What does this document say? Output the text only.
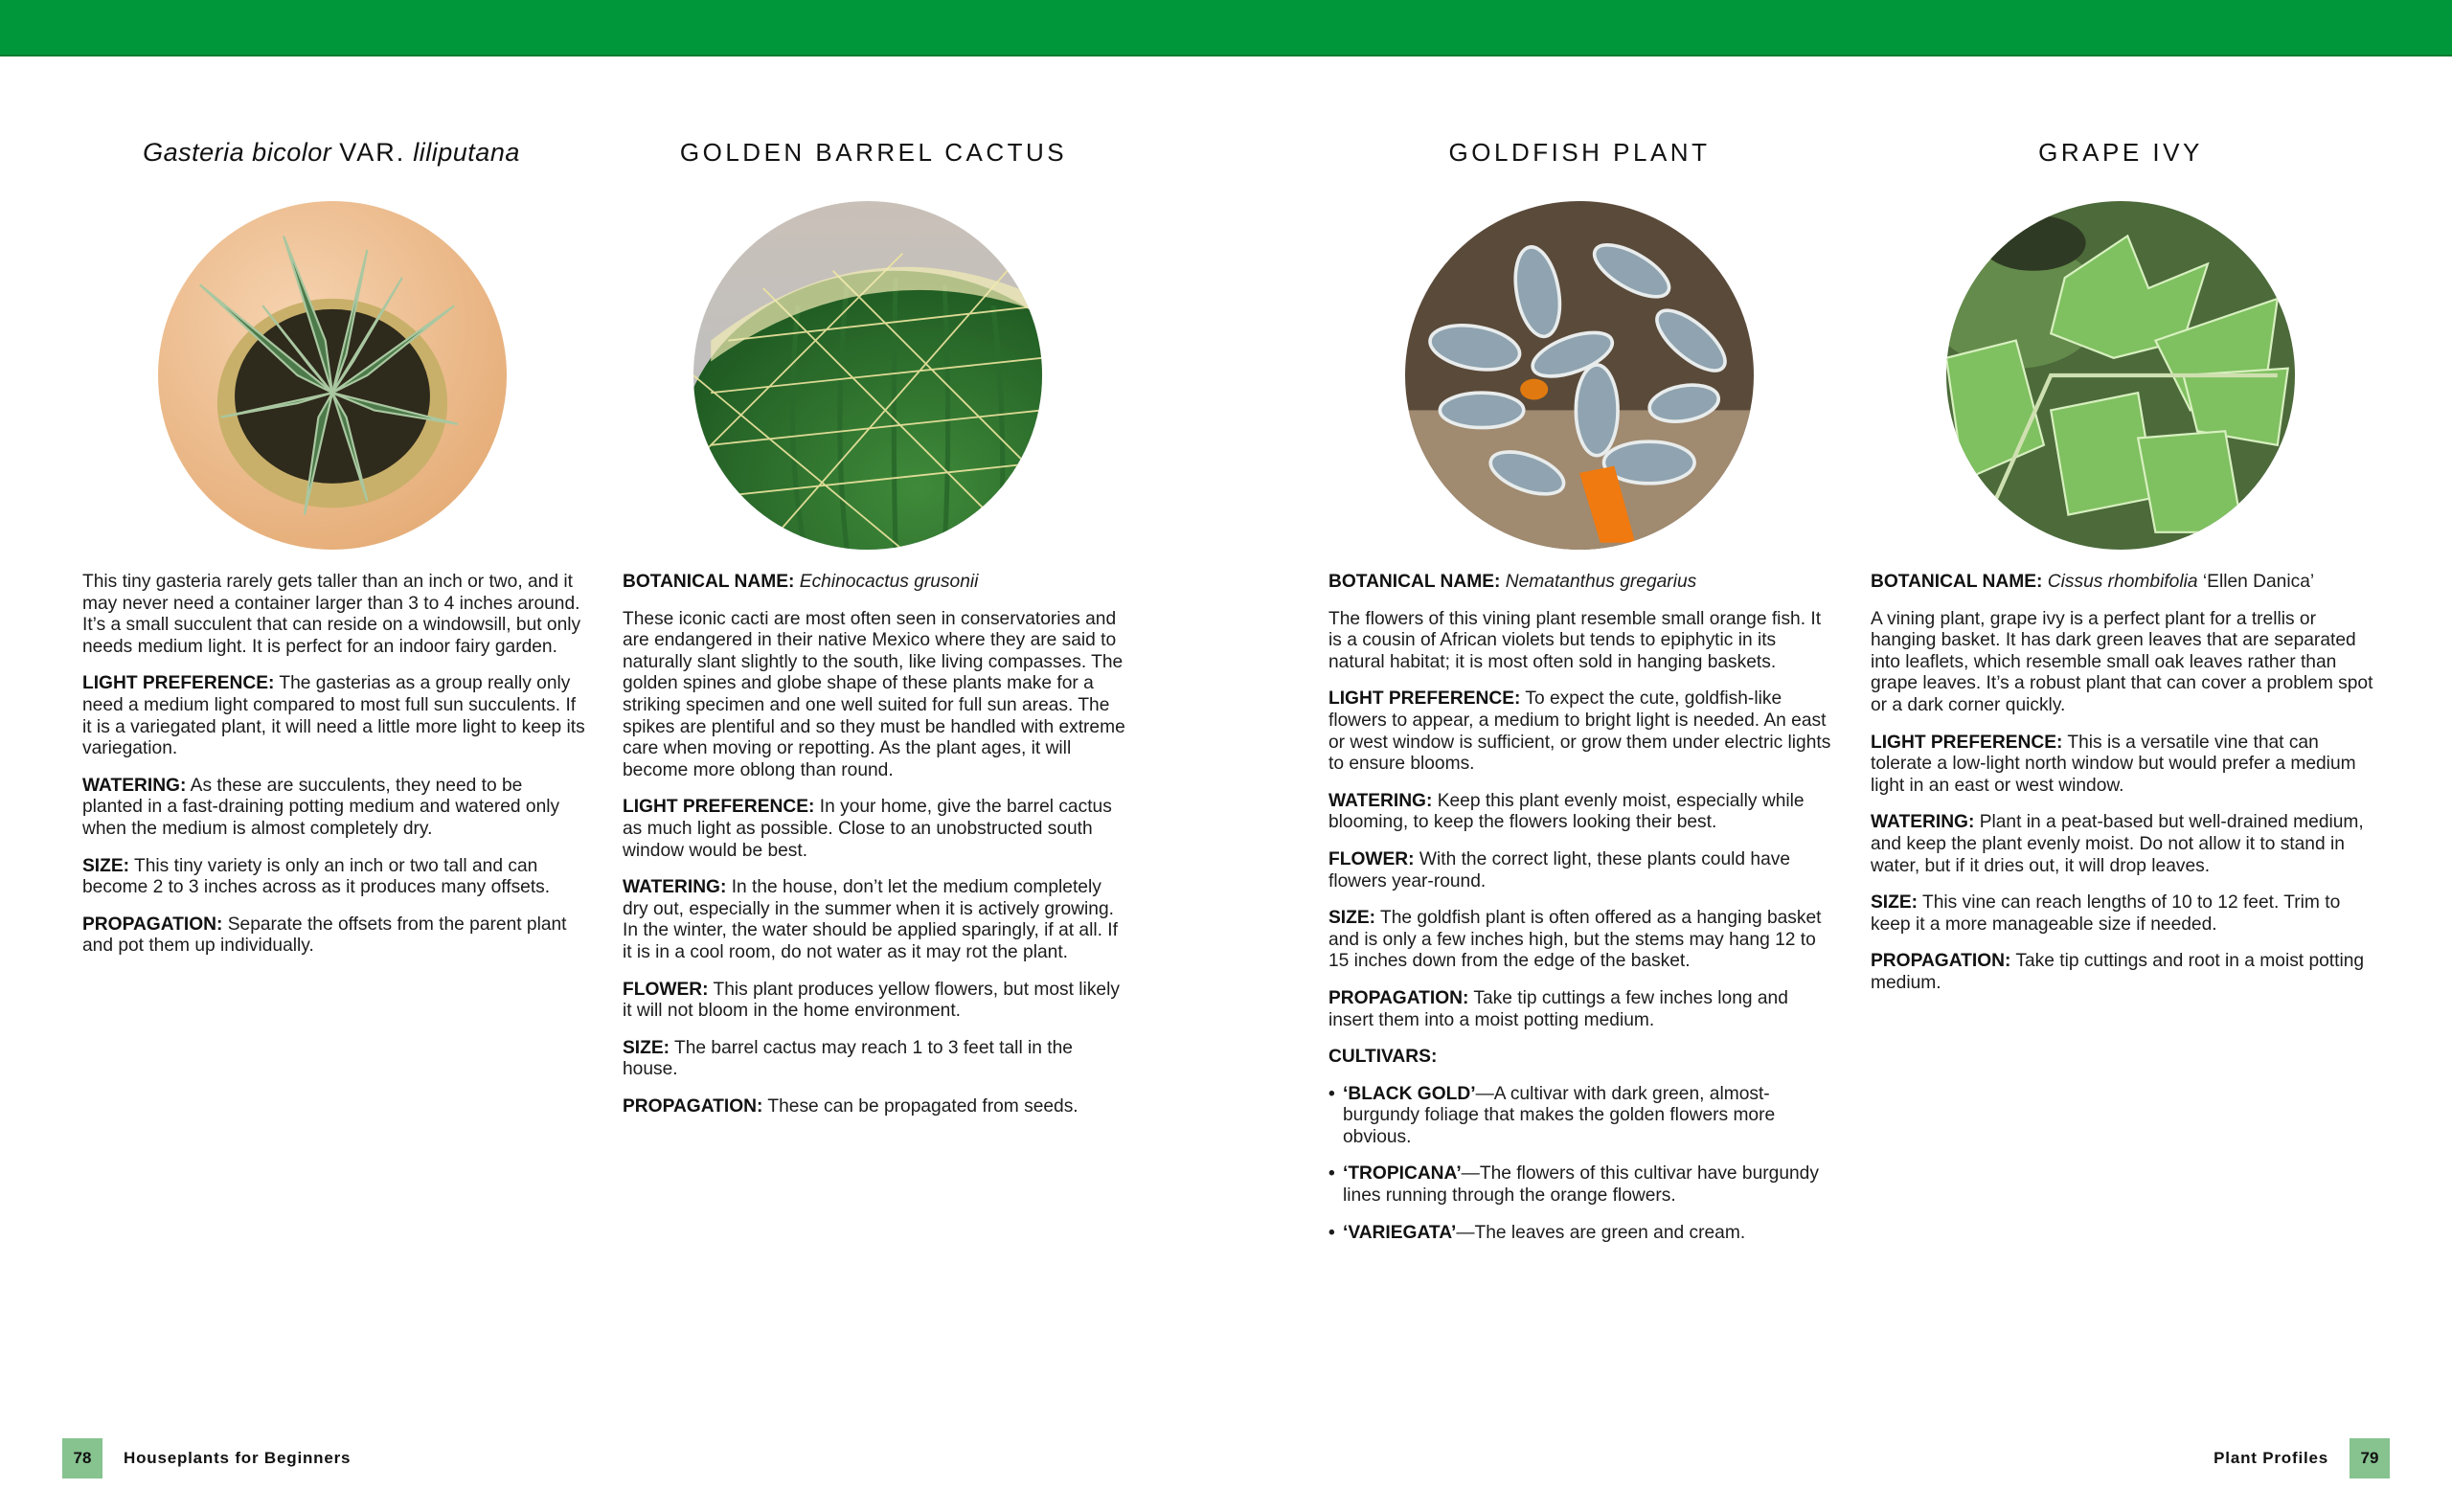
Gasteria bicolor VAR. liliputana

This tiny gasteria rarely gets taller than an inch or two, and it may never need a container larger than 3 to 4 inches around. It’s a small succulent that can reside on a windowsill, but only needs medium light. It is perfect for an indoor fairy garden.

LIGHT PREFERENCE: The gasterias as a group really only need a medium light compared to most full sun succulents. If it is a variegated plant, it will need a little more light to keep its variegation.

WATERING: As these are succulents, they need to be planted in a fast-draining potting medium and watered only when the medium is almost completely dry.

SIZE: This tiny variety is only an inch or two tall and can become 2 to 3 inches across as it produces many offsets.

PROPAGATION: Separate the offsets from the parent plant and pot them up individually.

GOLDEN BARREL CACTUS

BOTANICAL NAME: Echinocactus grusonii

These iconic cacti are most often seen in conservatories and are endangered in their native Mexico where they are said to naturally slant slightly to the south, like living compasses. The golden spines and globe shape of these plants make for a striking specimen and one well suited for full sun areas. The spikes are plentiful and so they must be handled with extreme care when moving or repotting. As the plant ages, it will become more oblong than round.

LIGHT PREFERENCE: In your home, give the barrel cactus as much light as possible. Close to an unobstructed south window would be best.

WATERING: In the house, don’t let the medium completely dry out, especially in the summer when it is actively growing. In the winter, the water should be applied sparingly, if at all. If it is in a cool room, do not water as it may rot the plant.

FLOWER: This plant produces yellow flowers, but most likely it will not bloom in the home environment.

SIZE: The barrel cactus may reach 1 to 3 feet tall in the house.

PROPAGATION: These can be propagated from seeds.

GOLDFISH PLANT

BOTANICAL NAME: Nematanthus gregarius

The flowers of this vining plant resemble small orange fish. It is a cousin of African violets but tends to epiphytic in its natural habitat; it is most often sold in hanging baskets.

LIGHT PREFERENCE: To expect the cute, goldfish-like flowers to appear, a medium to bright light is needed. An east or west window is sufficient, or grow them under electric lights to ensure blooms.

WATERING: Keep this plant evenly moist, especially while blooming, to keep the flowers looking their best.

FLOWER: With the correct light, these plants could have flowers year-round.

SIZE: The goldfish plant is often offered as a hanging basket and is only a few inches high, but the stems may hang 12 to 15 inches down from the edge of the basket.

PROPAGATION: Take tip cuttings a few inches long and insert them into a moist potting medium.

CULTIVARS:

• ‘BLACK GOLD’—A cultivar with dark green, almost-burgundy foliage that makes the golden flowers more obvious.
• ‘TROPICANA’—The flowers of this cultivar have burgundy lines running through the orange flowers.
• ‘VARIEGATA’—The leaves are green and cream.
GRAPE IVY

BOTANICAL NAME: Cissus rhombifolia ‘Ellen Danica’

A vining plant, grape ivy is a perfect plant for a trellis or hanging basket. It has dark green leaves that are separated into leaflets, which resemble small oak leaves rather than grape leaves. It’s a robust plant that can cover a problem spot or a dark corner quickly.

LIGHT PREFERENCE: This is a versatile vine that can tolerate a low-light north window but would prefer a medium light in an east or west window.

WATERING: Plant in a peat-based but well-drained medium, and keep the plant evenly moist. Do not allow it to stand in water, but if it dries out, it will drop leaves.

SIZE: This vine can reach lengths of 10 to 12 feet. Trim to keep it a more manageable size if needed.

PROPAGATION: Take tip cuttings and root in a moist potting medium.

78	Houseplants for Beginners	Plant Profiles	79
